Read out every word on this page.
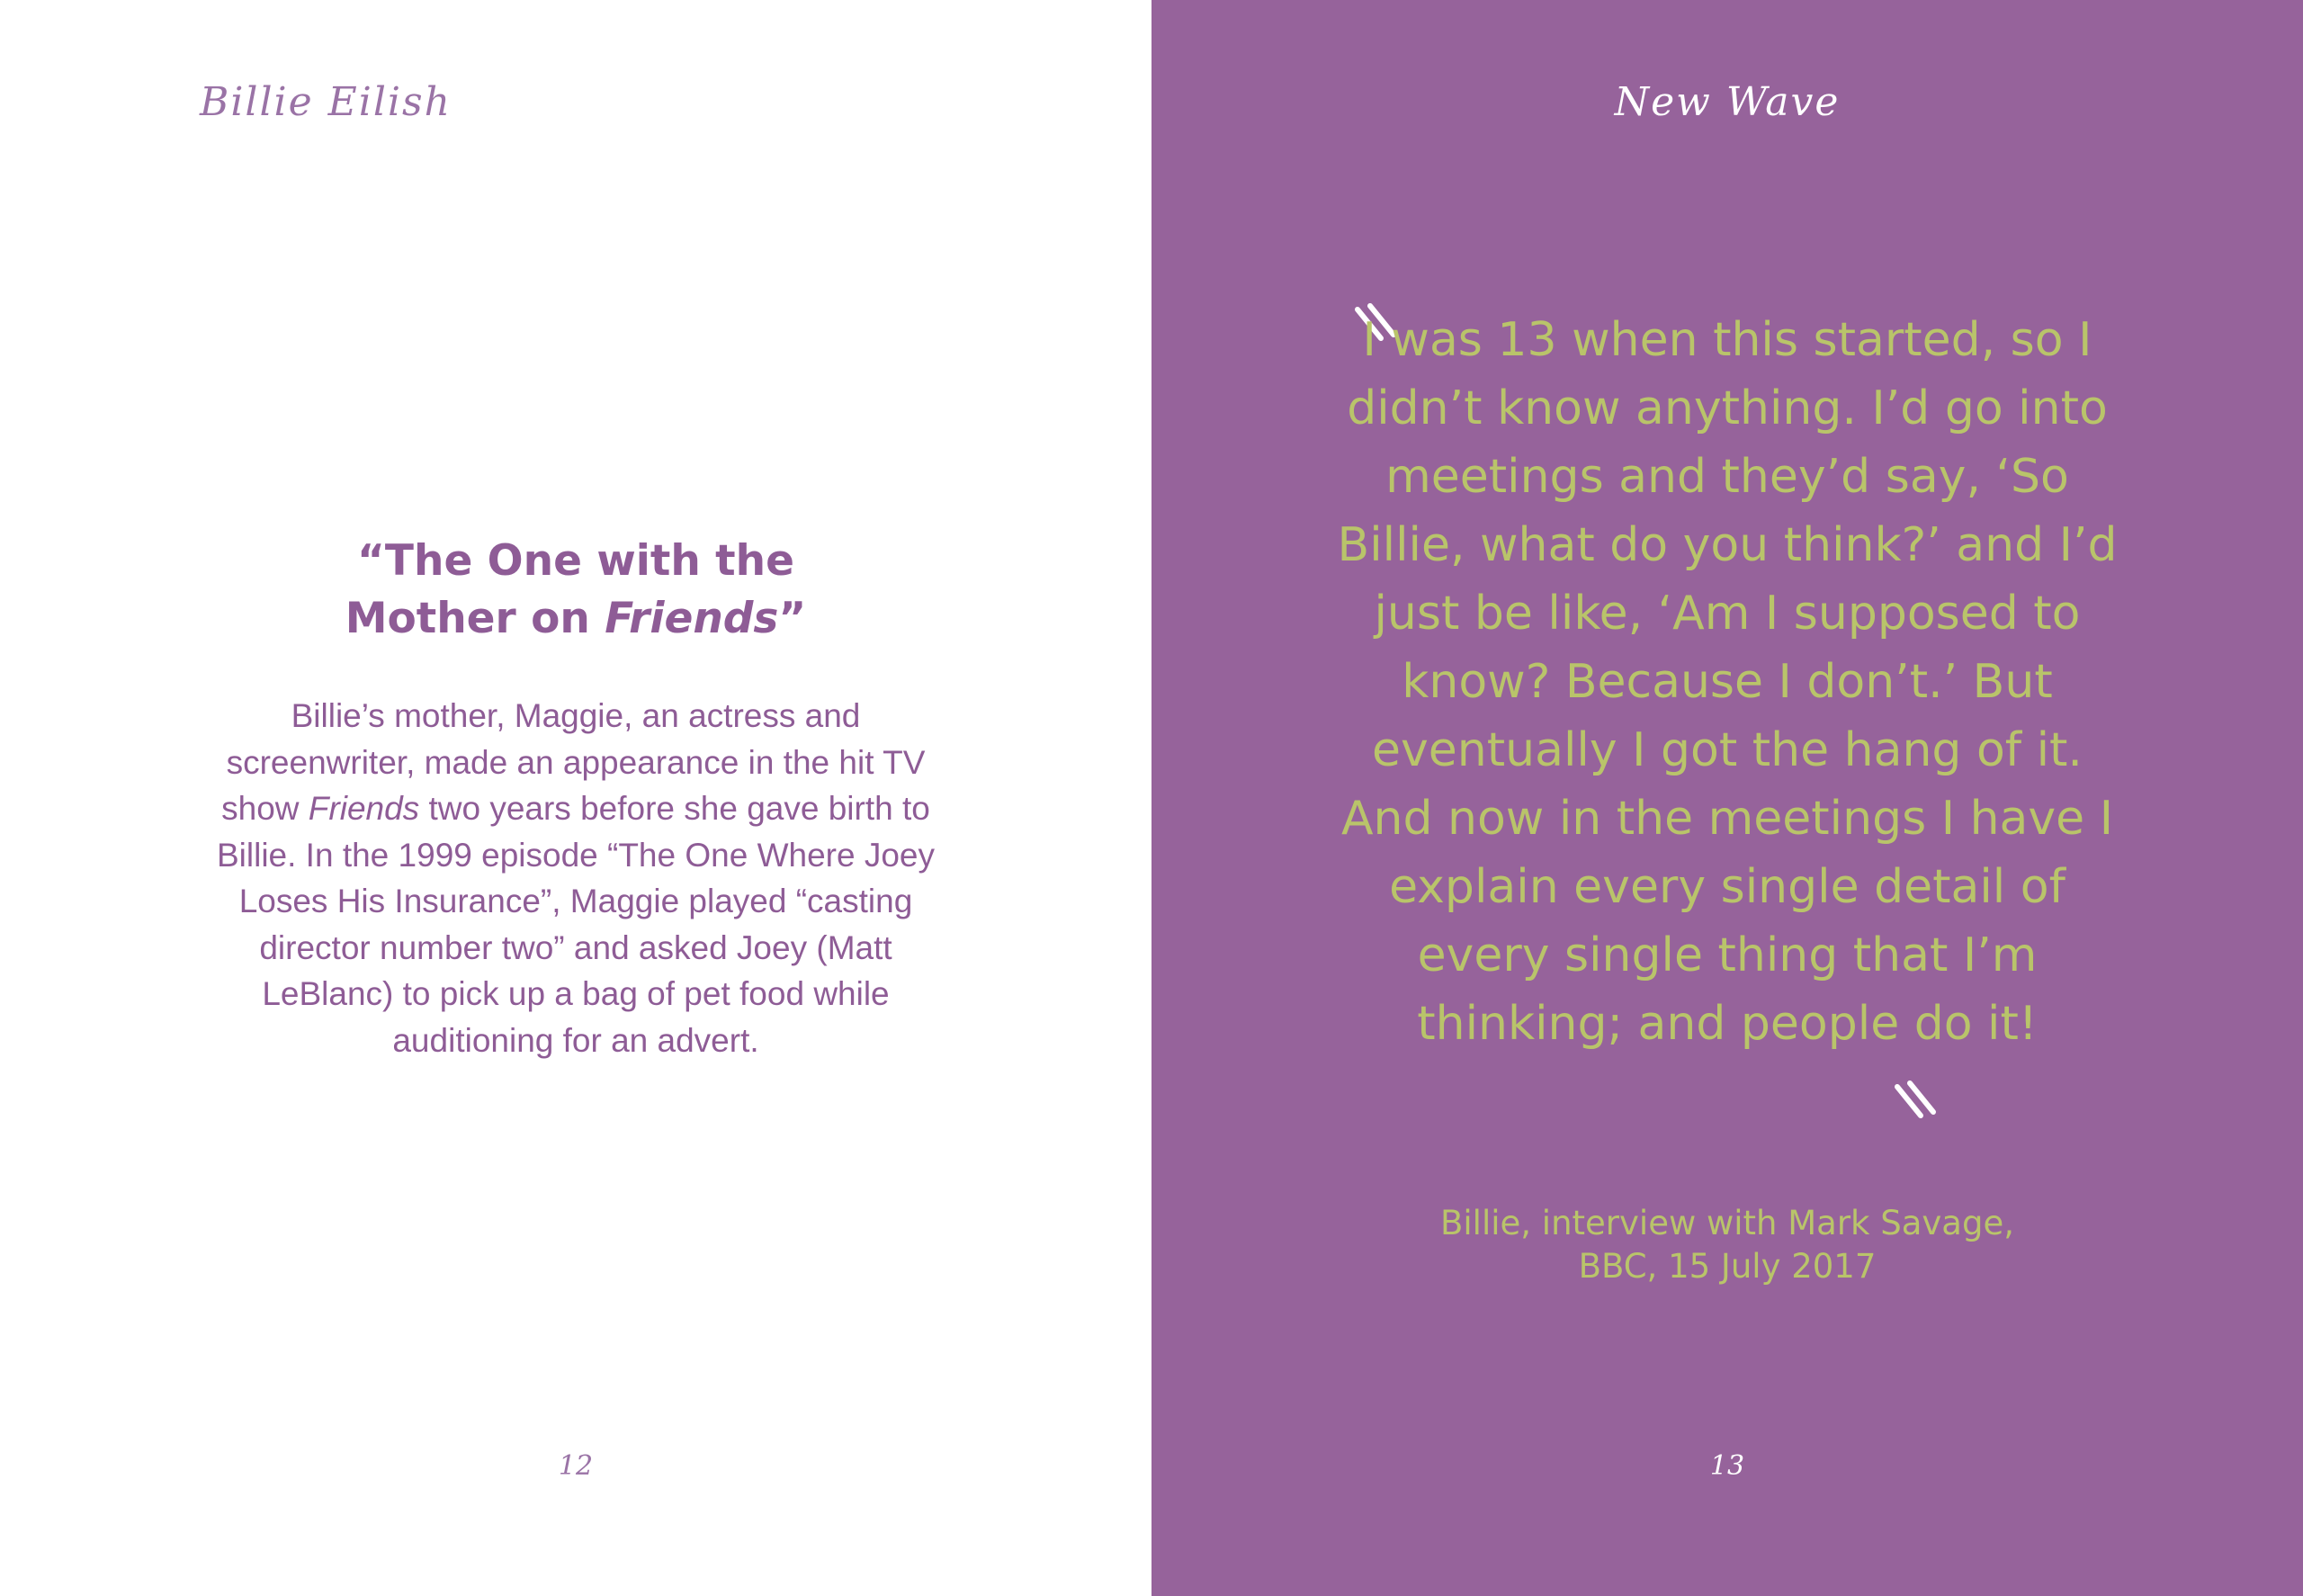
Billie Eilish
“The One with the
Mother on Friends”

Billie’s mother, Maggie, an actress and screenwriter, made an appearance in the hit TV show Friends two years before she gave birth to Billie. In the 1999 episode “The One Where Joey Loses His Insurance”, Maggie played “casting director number two” and asked Joey (Matt LeBlanc) to pick up a bag of pet food while auditioning for an advert.

12
New Wave
13

I was 13 when this started, so I didn’t know anything. I’d go into meetings and they’d say, ‘So Billie, what do you think?’ and I’d just be like, ‘Am I supposed to know? Because I don’t.’ But eventually I got the hang of it. And now in the meetings I have I explain every single detail of every single thing that I’m thinking; and people do it!

Billie, interview with Mark Savage,
BBC, 15 July 2017
